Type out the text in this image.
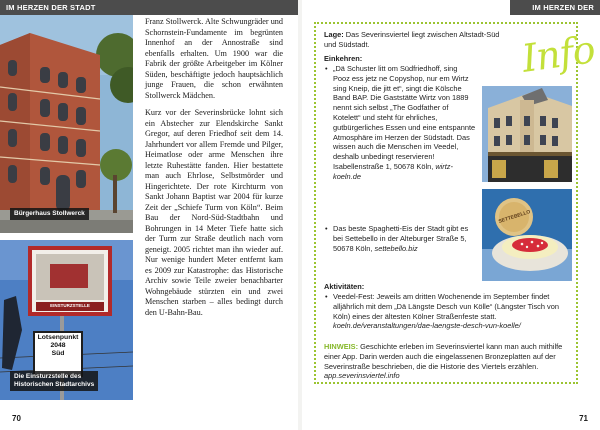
IM HERZEN DER STADT
Bürgerhaus Stollwerck
EINSTURZSTELLE
Lotsenpunkt
2048
Süd
Die Einsturzstelle des
Historischen Stadtarchivs

Franz Stollwerck. Alte Schwungräder und Schornstein-Fundamente im begrünten Innenhof an der Annostraße sind ebenfalls erhalten. Um 1900 war die Fabrik der größte Arbeitgeber im Kölner Süden, beschäftigte jedoch hauptsächlich junge Frauen, die schon erwähnten Stollwerck Mädchen.

Kurz vor der Severinsbrücke lohnt sich ein Abstecher zur Elendskirche Sankt Gregor, auf deren Friedhof seit dem 14. Jahrhundert vor allem Fremde und Pilger, Heimatlose oder arme Menschen ihre letzte Ruhestätte fanden. Hier bestattete man auch Ehrlose, Selbstmörder und Hingerichtete. Der rote Kirchturm von Sankt Johann Baptist war 2004 für kurze Zeit der „Schiefe Turm von Köln“. Beim Bau der Nord-Süd-Stadtbahn und Bohrungen in 14 Meter Tiefe hatte sich der Turm zur Straße deutlich nach vorn geneigt. 2005 richtet man ihn wieder auf. Nur wenige hundert Meter entfernt kam es 2009 zur Katastrophe: das Historische Archiv sowie Teile zweier benachbarter Wohngebäude stürzten ein und zwei Menschen starben – alles bedingt durch den U-Bahn-Bau.

70
IM HERZEN DER STADT
Info

Lage: Das Severinsviertel liegt zwischen Altstadt-Süd und Südstadt.

Einkehren:
• „Dä Schuster litt om Südfriedhoff, sing Pooz ess jetz ne Copyshop, nur em Wirtz sing Kneip, die jitt et“, singt die Kölsche Band BAP. Die Gaststätte Wirtz von 1889 nennt sich selbst „The Godfather of Kotelett“ und steht für ehrliches, gutbürgerliches Essen und eine entspannte Atmosphäre im Herzen der Südstadt. Das wissen auch die Menschen im Veedel, deshalb unbedingt reservieren! Isabellenstraße 1, 50678 Köln, wirtz-koeln.de
• Das beste Spaghetti-Eis der Stadt gibt es bei Settebello in der Alteburger Straße 5, 50678 Köln, settebello.biz
SETTEBELLO
Aktivitäten:
• Veedel-Fest: Jeweils am dritten Wochenende im September findet alljährlich mit dem „Dä Längste Desch vun Kölle“ (Längster Tisch von Köln) eines der ältesten Kölner Straßenfeste statt. koeln.de/veranstaltungen/dae-laengste-desch-vun-koelle/

HINWEIS: Geschichte erleben im Severinsviertel kann man auch mithilfe einer App. Darin werden auch die eingelassenen Bronzeplatten auf der Severinstraße beschrieben, die die Historie des Viertels erzählen. app.severinsviertel.info

71
